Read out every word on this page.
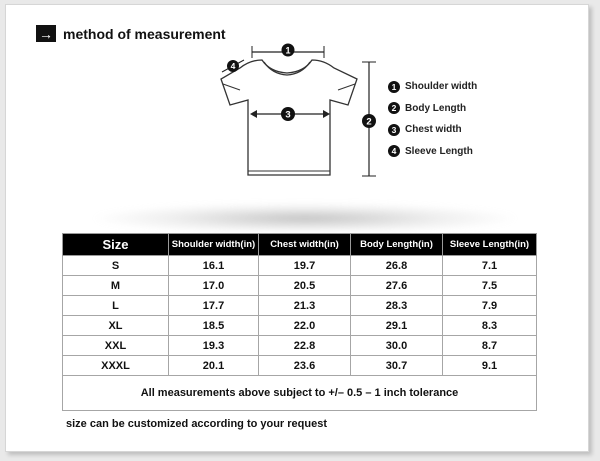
→ method of measurement
1
4
3
2
1 Shoulder width
2 Body Length
3 Chest width
4 Sleeve Length
Size	Shoulder width(in)	Chest width(in)	Body Length(in)	Sleeve Length(in)
S	16.1	19.7	26.8	7.1
M	17.0	20.5	27.6	7.5
L	17.7	21.3	28.3	7.9
XL	18.5	22.0	29.1	8.3
XXL	19.3	22.8	30.0	8.7
XXXL	20.1	23.6	30.7	9.1
All measurements above subject to +/– 0.5 – 1 inch tolerance				
size can be customized according to your request
